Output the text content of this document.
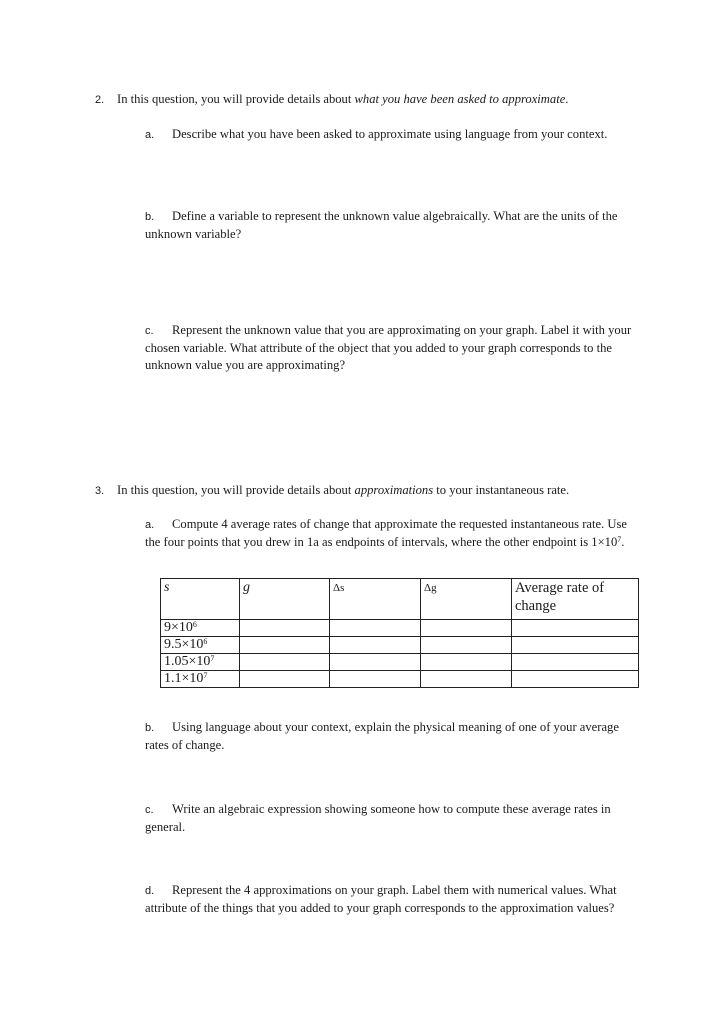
2. In this question, you will provide details about what you have been asked to approximate.
a. Describe what you have been asked to approximate using language from your context.
b. Define a variable to represent the unknown value algebraically. What are the units of the unknown variable?
c. Represent the unknown value that you are approximating on your graph. Label it with your chosen variable. What attribute of the object that you added to your graph corresponds to the unknown value you are approximating?
3. In this question, you will provide details about approximations to your instantaneous rate.
a. Compute 4 average rates of change that approximate the requested instantaneous rate. Use the four points that you drew in 1a as endpoints of intervals, where the other endpoint is $1\times 10^7$.
s	g	Δs	Δg	Average rate of change
$9\times 10^6$				
$9.5\times 10^6$				
$1.05\times 10^7$				
$1.1\times 10^7$				
b. Using language about your context, explain the physical meaning of one of your average rates of change.
c. Write an algebraic expression showing someone how to compute these average rates in general.
d. Represent the 4 approximations on your graph. Label them with numerical values. What attribute of the things that you added to your graph corresponds to the approximation values?
